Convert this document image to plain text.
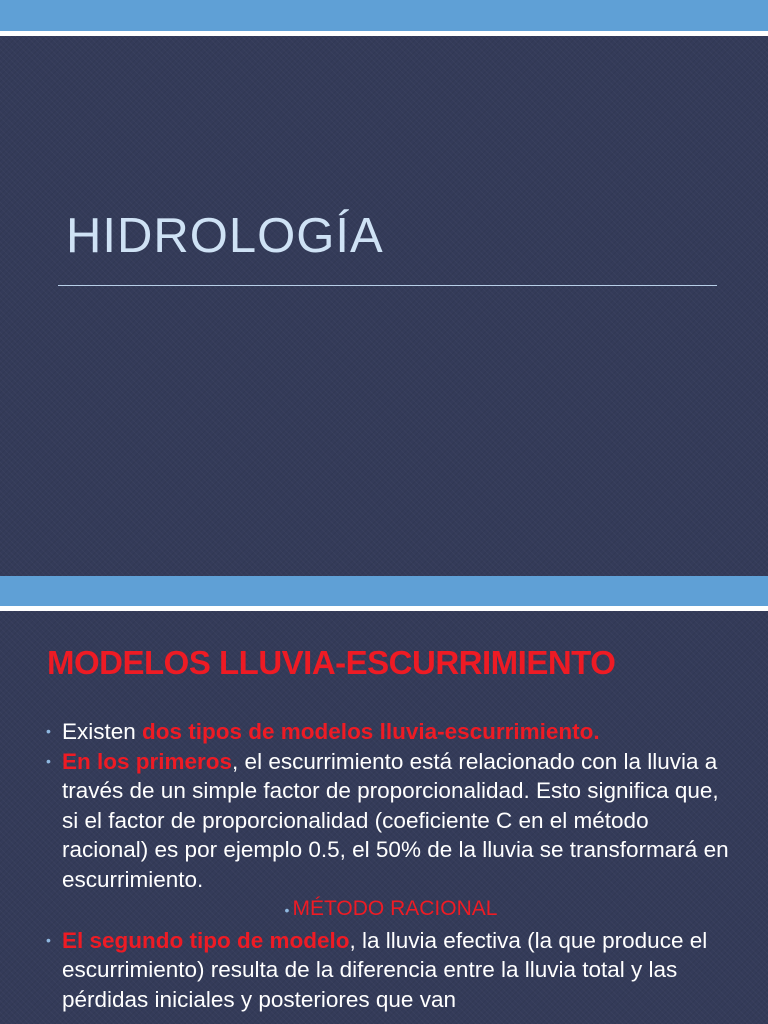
HIDROLOGÍA
MODELOS LLUVIA-ESCURRIMIENTO

• Existen dos tipos de modelos lluvia-escurrimiento.

• En los primeros, el escurrimiento está relacionado con la lluvia a través de un simple factor de proporcionalidad. Esto significa que, si el factor de proporcionalidad (coeficiente C en el método racional) es por ejemplo 0.5, el 50% de la lluvia se transformará en escurrimiento.

• MÉTODO RACIONAL

• El segundo tipo de modelo, la lluvia efectiva (la que produce el escurrimiento) resulta de la diferencia entre la lluvia total y las pérdidas iniciales y posteriores que van
